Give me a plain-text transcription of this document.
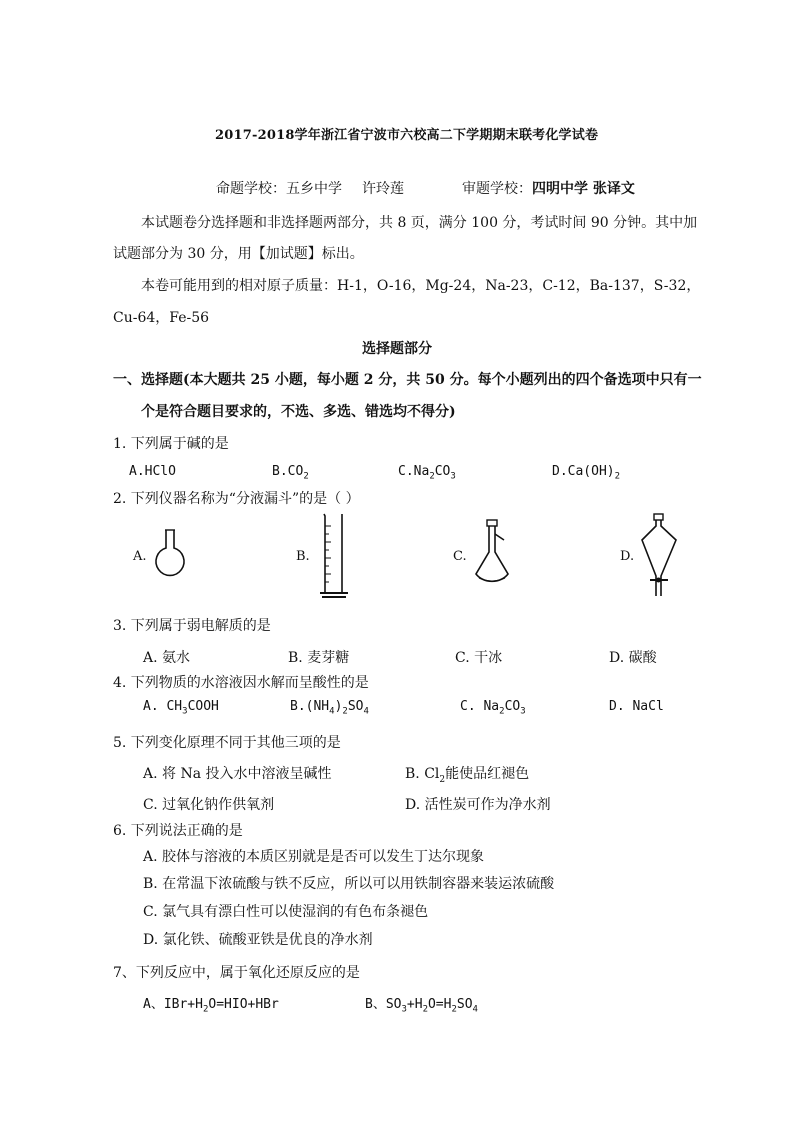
2017-2018学年浙江省宁波市六校高二下学期期末联考化学试卷
命题学校：五乡中学 许玲莲	审题学校： 四明中学 张译文
本试题卷分选择题和非选择题两部分，共 8 页，满分 100 分，考试时间 90 分钟。其中加
试题部分为 30 分，用【加试题】标出。
本卷可能用到的相对原子质量：H-1，O-16，Mg-24，Na-23，C-12，Ba-137，S-32，
Cu-64，Fe-56
选择题部分
一、选择题(本大题共 25 小题，每小题 2 分，共 50 分。每个小题列出的四个备选项中只有一
个是符合题目要求的，不选、多选、错选均不得分)
1. 下列属于碱的是
A.HClO	$B.CO_2$	$C.Na_2CO_3$	$D.Ca(OH)_2$
2. 下列仪器名称为“分液漏斗”的是（ ）
A.	B.	C.	D.
3. 下列属于弱电解质的是
A. 氨水	B. 麦芽糖	C. 干冰	D. 碳酸
4. 下列物质的水溶液因水解而呈酸性的是
A. $CH_3COOH$	$B.(NH_4)_2SO_4$	C. $Na_2CO_3$	D. NaCl
5. 下列变化原理不同于其他三项的是
A. 将 Na 投入水中溶液呈碱性	B. $Cl_2$能使品红褪色
C. 过氧化钠作供氧剂	D. 活性炭可作为净水剂
6. 下列说法正确的是
A. 胶体与溶液的本质区别就是是否可以发生丁达尔现象
B. 在常温下浓硫酸与铁不反应，所以可以用铁制容器来装运浓硫酸
C. 氯气具有漂白性可以使湿润的有色布条褪色
D. 氯化铁、硫酸亚铁是优良的净水剂
7、下列反应中，属于氧化还原反应的是
A、$IBr+H_2O=HIO+HBr$	B、$SO_3+H_2O=H_2SO_4$
